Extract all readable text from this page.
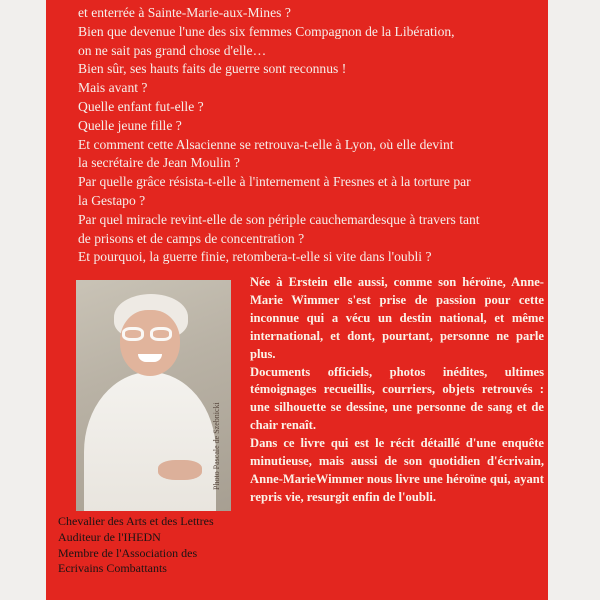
et enterrée à Sainte-Marie-aux-Mines ?
Bien que devenue l'une des six femmes Compagnon de la Libération,
on ne sait pas grand chose d'elle…
Bien sûr, ses hauts faits de guerre sont reconnus !
Mais avant ?
Quelle enfant fut-elle ?
Quelle jeune fille ?
Et comment cette Alsacienne se retrouva-t-elle à Lyon, où elle devint
la secrétaire de Jean Moulin ?
Par quelle grâce résista-t-elle à l'internement à Fresnes et à la torture par
la Gestapo ?
Par quel miracle revint-elle de son périple cauchemardesque à travers tant
de prisons et de camps de concentration ?
Et pourquoi, la guerre finie, retombera-t-elle si vite dans l'oubli ?
Photo Pascale de Szebnicki

Née à Erstein elle aussi, comme son héroïne, Anne-Marie Wimmer s'est prise de passion pour cette inconnue qui a vécu un destin national, et même international, et dont, pourtant, personne ne parle plus.

Documents officiels, photos inédites, ultimes témoignages recueillis, courriers, objets retrouvés : une silhouette se dessine, une personne de sang et de chair renaît.

Dans ce livre qui est le récit détaillé d'une enquête minutieuse, mais aussi de son quotidien d'écrivain, Anne-MarieWimmer nous livre une héroïne qui, ayant repris vie, resurgit enfin de l'oubli.

Chevalier des Arts et des Lettres
Auditeur de l'IHEDN
Membre de l'Association des
Ecrivains Combattants
